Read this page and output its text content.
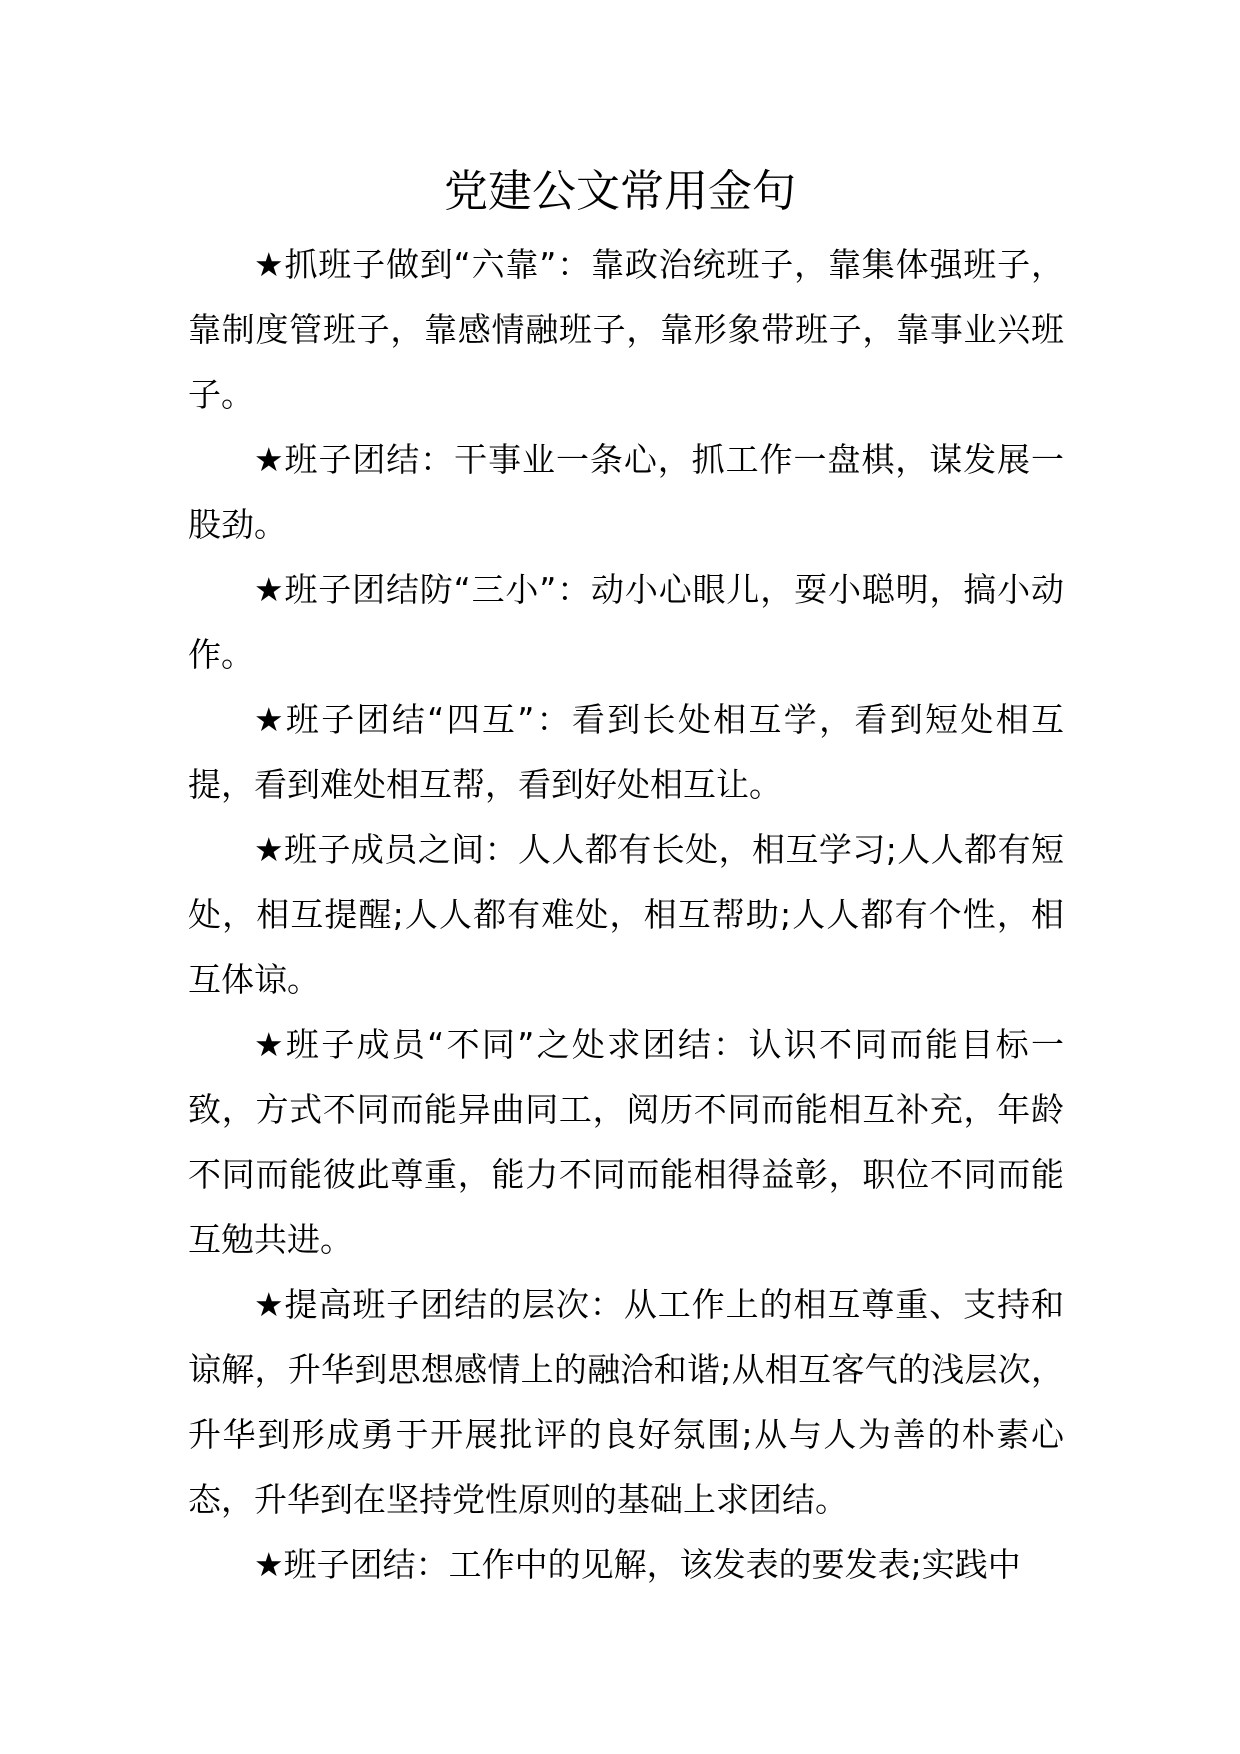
党建公文常用金句

★抓班子做到“六靠”：靠政治统班子，靠集体强班子，靠制度管班子，靠感情融班子，靠形象带班子，靠事业兴班子。

★班子团结：干事业一条心，抓工作一盘棋，谋发展一股劲。

★班子团结防“三小”：动小心眼儿，耍小聪明，搞小动作。

★班子团结“四互”：看到长处相互学，看到短处相互提，看到难处相互帮，看到好处相互让。

★班子成员之间：人人都有长处，相互学习;人人都有短处，相互提醒;人人都有难处，相互帮助;人人都有个性，相互体谅。

★班子成员“不同”之处求团结：认识不同而能目标一致，方式不同而能异曲同工，阅历不同而能相互补充，年龄不同而能彼此尊重，能力不同而能相得益彰，职位不同而能互勉共进。

★提高班子团结的层次：从工作上的相互尊重、支持和谅解，升华到思想感情上的融洽和谐;从相互客气的浅层次，升华到形成勇于开展批评的良好氛围;从与人为善的朴素心态，升华到在坚持党性原则的基础上求团结。

★班子团结：工作中的见解，该发表的要发表;实践中
